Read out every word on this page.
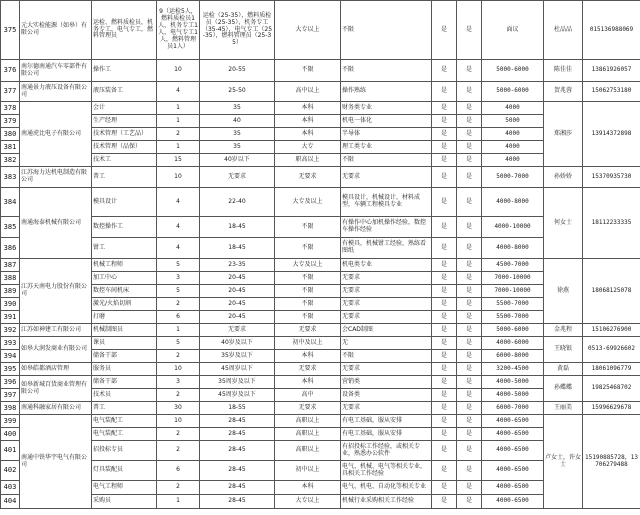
375	元大实检能源（如皋）有限公司	运检、燃料质检员，机务专工，电气专工，燃料管理员	9（运检5人，燃料质检员1人，机务专工1人，电气专工1人，燃料管理员1人）	运检（25-35），燃料质检员（25-35），机务专工（35-45），电气专工（25-35），燃料管理员（25-35）	大专以上	不限	是	是	面议	杜品品	015136988069
376	南尔德南通汽车零部件有限公司	操作工	10	20-55	不限	不限	是	是	5000-6000	陈佳佳	13861926057
377	南通景力液压设备有限公司	液压装备工	4	25-50	高中以上	操作熟练	是	是	5000-6000	贺兆蓉	15062753180
378	南通虎比电子有限公司	会计	1	35	本科	财务类专业	是	是	4000	郑湘莎	13914372898
379		生产经理	1	40	本科	机电一体化	是	是	5000		
380		技术管理（工艺品）	2	35	本科	半导体	是	是	4000		
381		技术管理（品保）	1	35	大专	理工类专业	是	是	4000		
382		技术工	15	40岁以下	职高以上	不限	是	是	4000		
383	江苏海力达机电制造有限公司	普工	10	无要求	无要求	无要求	是	是	5000-7000	孙娇娇	15370935730
384	南通海泰机械有限公司	模具设计	4	22-40	大专及以上	模具设计，机械设计，材料成型，车辆工程模具专业	是	是	4000-8000	何女士	18112233335
385		数控操作工	4	18-45	不限	有操作中心加机操作经验，数控车操作经验	是	是	4000-10000		
386		钳工	4	18-45	不限	有模具，机械钳工经验，熟练看图纸	是	是	4000-8000		
387	江苏天南电力股份有限公司	机械工程师	5	23-35	大专及以上	机电类专业	是	是	4500-7000	徐燕	18068125078
388		加工中心	3	20-45	不限	无要求	是	是	7000-10000		
389		数控车间机床	5	20-45	不限	无要求	是	是	7000-10000		
390		激光/火焰切割	2	20-45	不限	无要求	是	是	5500-7000		
391		打磨	6	20-45	不限	无要求	是	是	5500-7000		
392	江苏如神建工有限公司	机械制图员	1	无要求	无要求	会CAD制图	是	是	5000-6000	金兆程	15106276900
393	如皋大润发商业有限公司	课员	5	40岁及以下	初中及以上	无	是	是	4000-6000	王晓银	0513-69926602
394		储备干部	2	35岁及以下	本科	不限	是	是	6000-8000		
395	如皋皓都酒店管理	服务员	10	45周岁以下	无要求	无要求	是	是	3200-4500	黄磊	18061096779
396	如皋新城百货商业管理有限公司	储备干部	3	35周岁及以下	本科	营销类	是	是	4000-5000	孙蝶蝶	19825468702
397		技术员	2	45周岁及以下	高中	设备类	是	是	4000-5000		
398	南通科融家居有限公司	普工	30	18-55	无要求	无要求	是	是	6000-7000	王丽美	15996629678
399	南通中铁华宇电气有限公司	电气装配工	10	28-45	高职以上	有电工基础，服从安排	是	是	4000-6500	卢女士，许女士	15190885728，13706279488
400		电气装配工	2	28-45	高职以上	有电工基础，服从安排	是	是	4000-6500		
401		招投标专员	2	28-45	高职以上	有招投标工作经验，或相关专业，熟悉办公软件	是	是	4000-6500		
402		灯具装配员	6	28-45	初中以上	电气、机械、电气等相关专业，具相关工作经验	是	是	4000-6500		
403		电气工程师	2	28-45	本科	电气、机电、自动化等相关专业	是	是	4000-6500		
404		采购员	1	28-45	大专以上	机械行业采购相关工作经验	是	是	4000-6500		
